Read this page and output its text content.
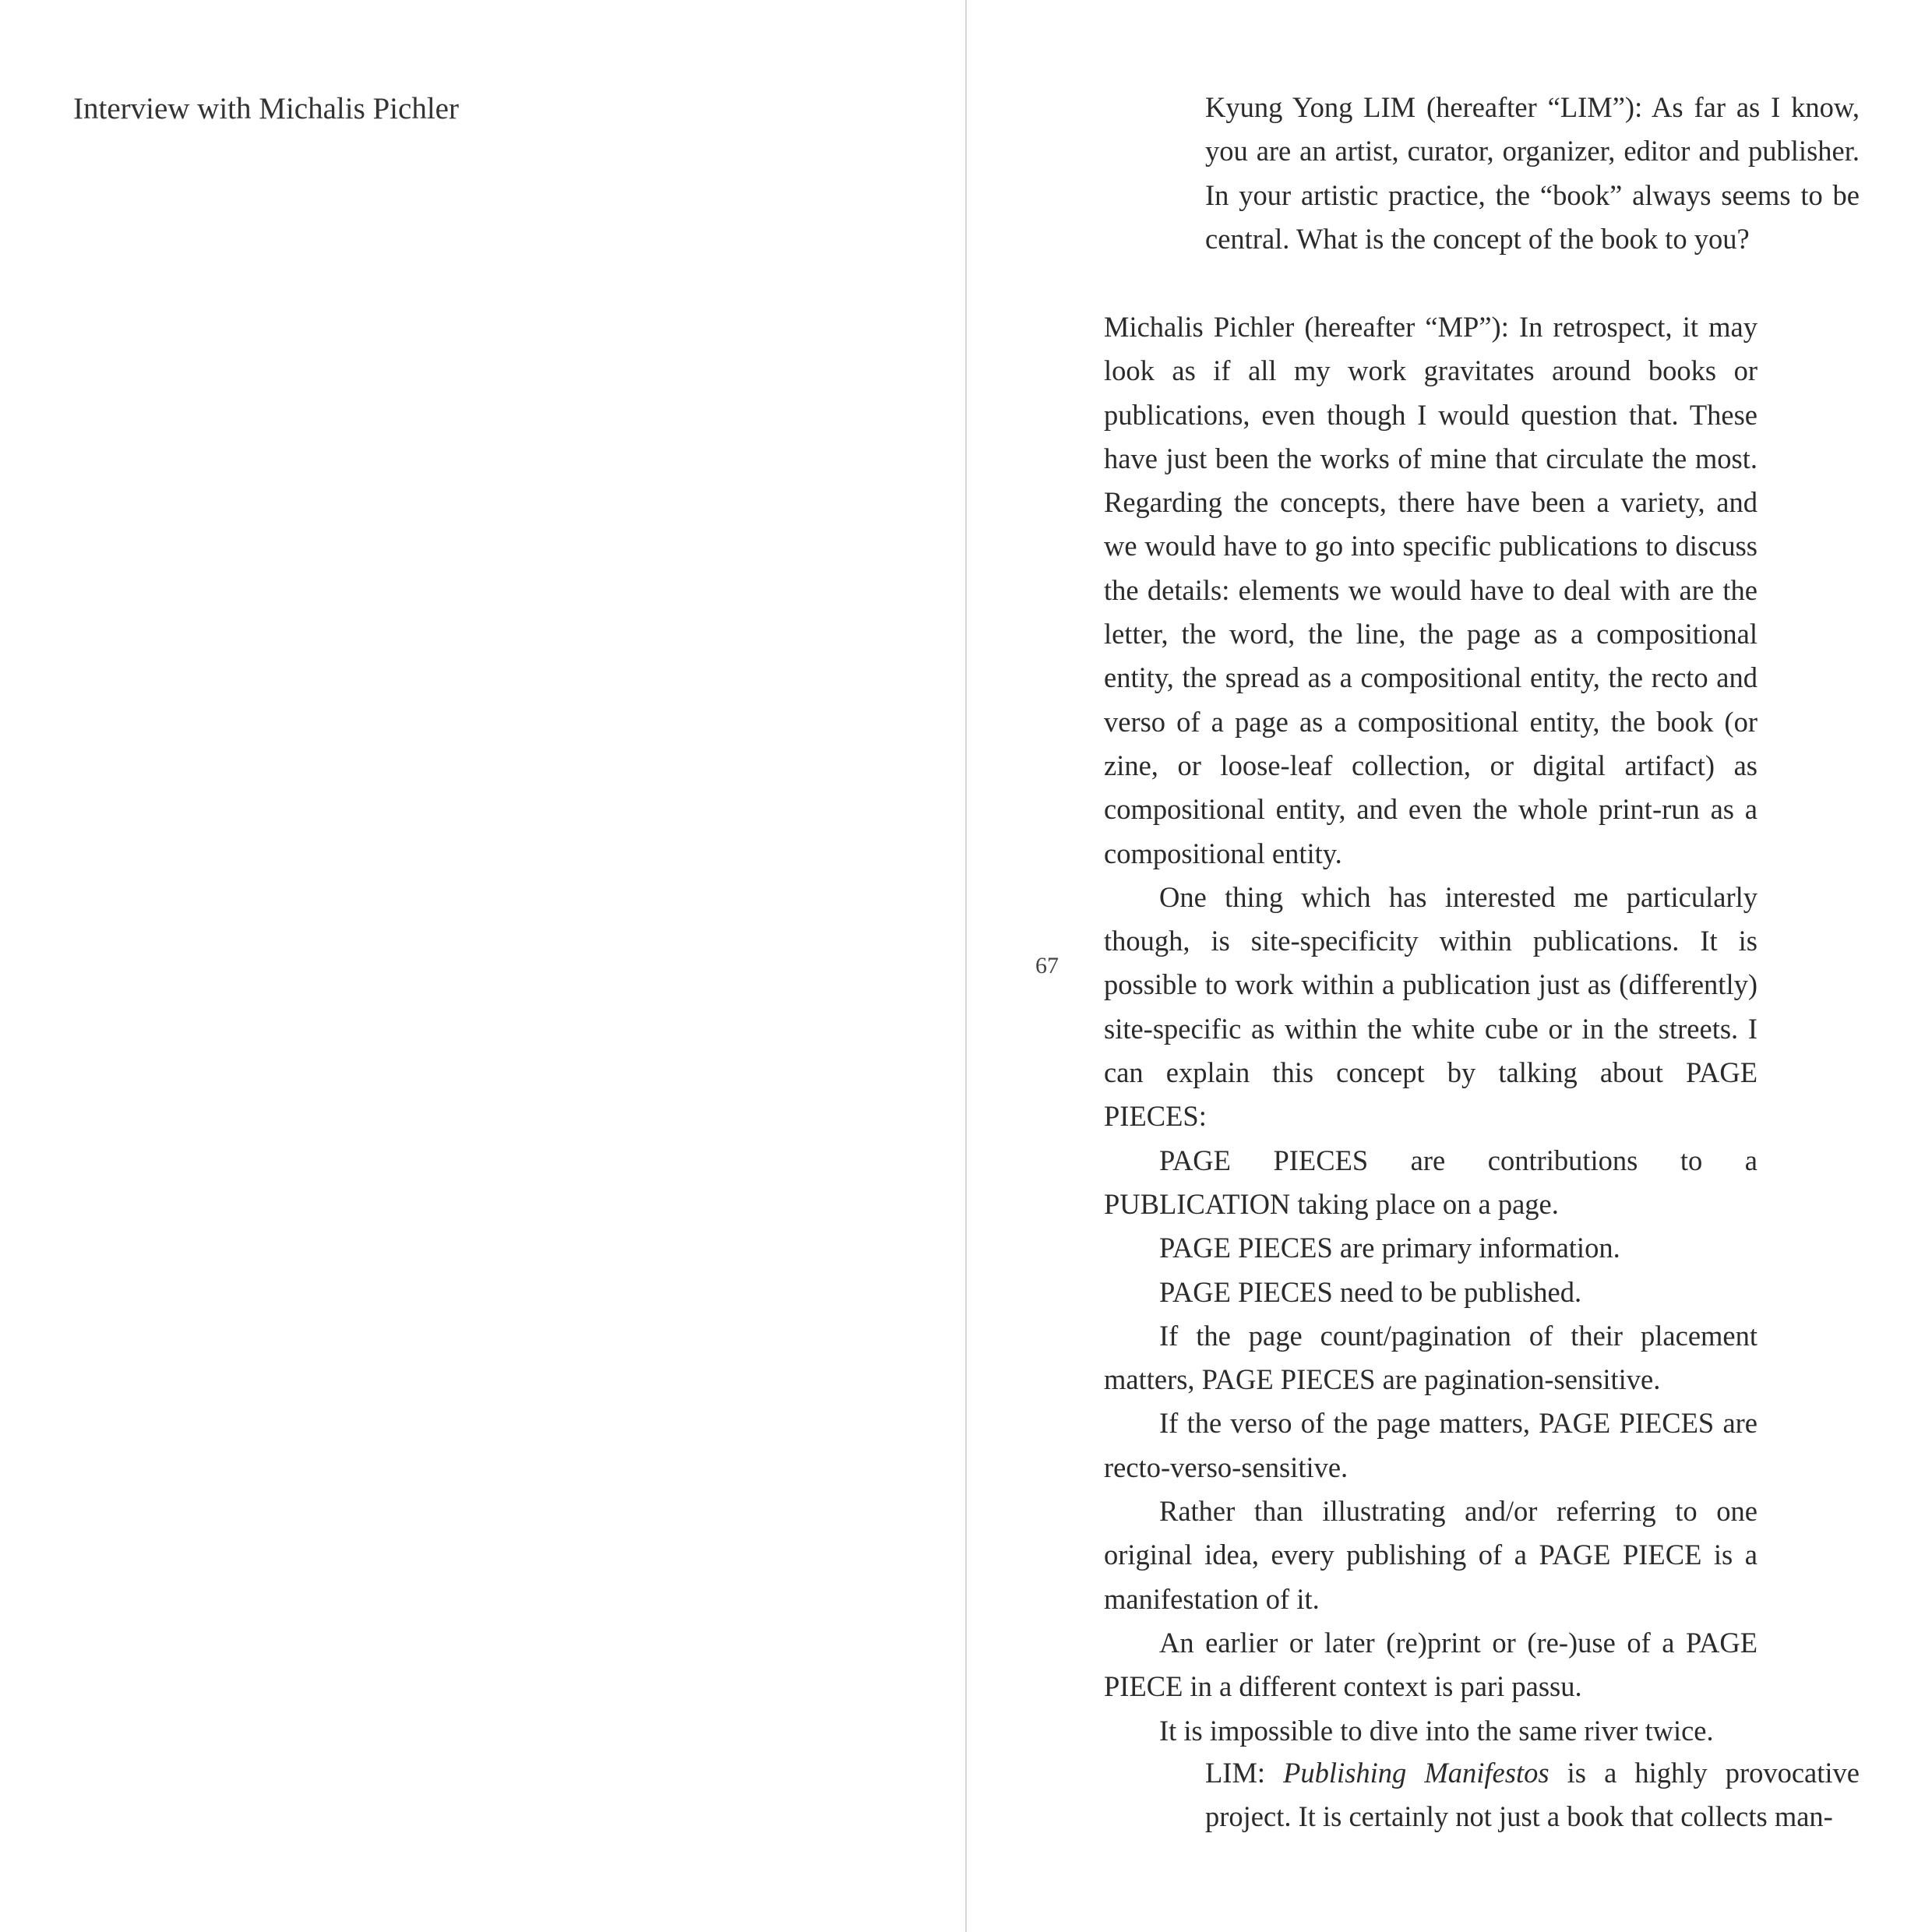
Interview with Michalis Pichler	Kyung Yong LIM (hereafter “LIM”): As far as I know, you are an artist, curator, organizer, editor and publisher. In your artistic practice, the “book” always seems to be central. What is the concept of the book to you?

67

Michalis Pichler (hereafter “MP”): In retrospect, it may look as if all my work gravitates around books or publications, even though I would question that. These have just been the works of mine that circulate the most. Regarding the concepts, there have been a variety, and we would have to go into specific publications to discuss the details: elements we would have to deal with are the letter, the word, the line, the page as a compositional entity, the spread as a compositional entity, the recto and verso of a page as a compositional entity, the book (or zine, or loose-leaf collection, or digital artifact) as compositional entity, and even the whole print-run as a compositional entity.

One thing which has interested me particularly though, is site-specificity within publications. It is possible to work within a publication just as (differently) site-specific as within the white cube or in the streets. I can explain this concept by talking about PAGE PIECES:

PAGE PIECES are contributions to a PUBLICATION taking place on a page.

PAGE PIECES are primary information.

PAGE PIECES need to be published.

If the page count/pagination of their placement matters, PAGE PIECES are pagination-sensitive.

If the verso of the page matters, PAGE PIECES are recto-verso-sensitive.

Rather than illustrating and/or referring to one original idea, every publishing of a PAGE PIECE is a manifestation of it.

An earlier or later (re)print or (re-)use of a PAGE PIECE in a different context is pari passu.

It is impossible to dive into the same river twice.

LIM: Publishing Manifestos is a highly provocative project. It is certainly not just a book that collects man-
